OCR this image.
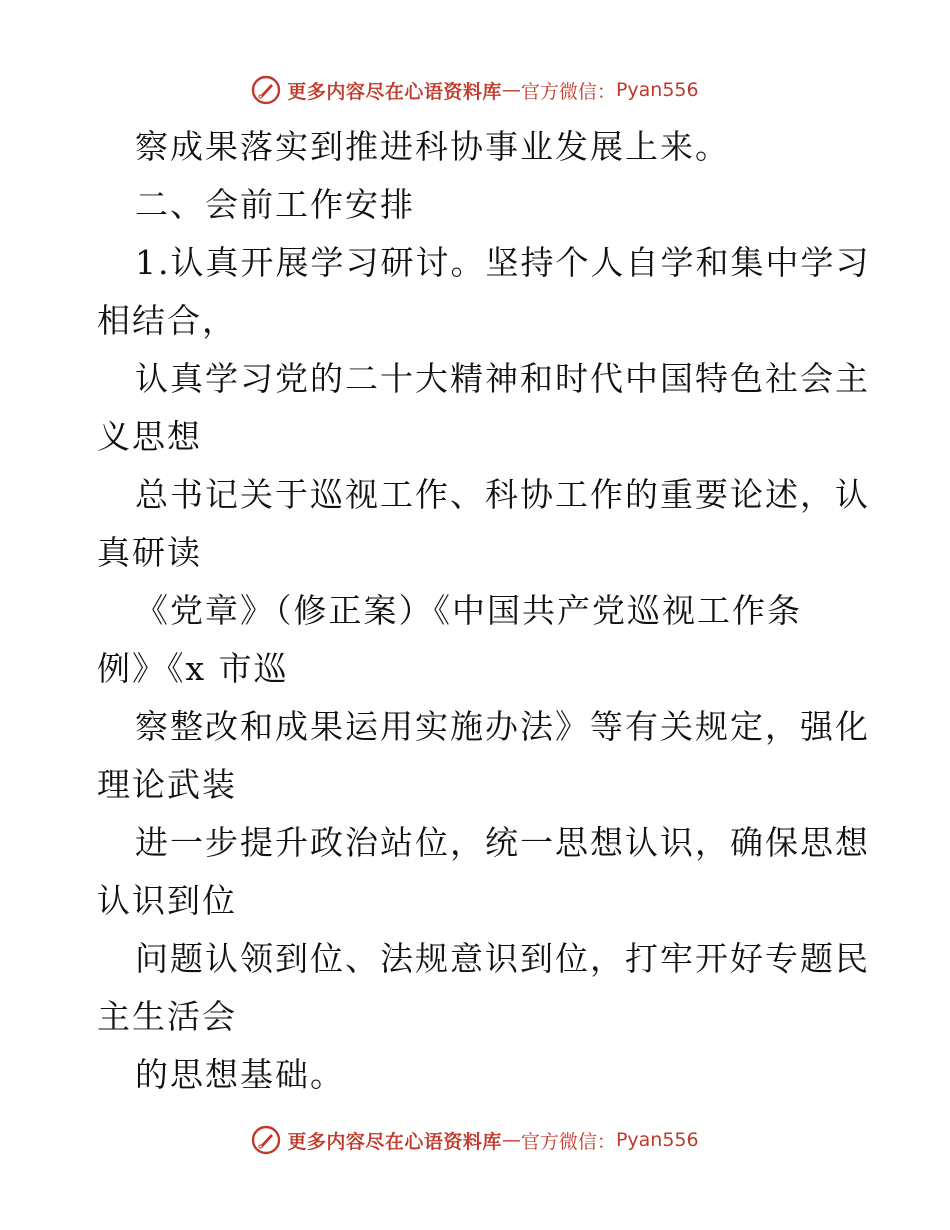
更多内容尽在心语资料库 — 官方微信： Pyan556
察成果落实到推进科协事业发展上来。
二、会前工作安排
1.认真开展学习研讨。坚持个人自学和集中学习
相结合，
认真学习党的二十大精神和时代中国特色社会主
义思想
总书记关于巡视工作、科协工作的重要论述，认
真研读
《党章》（修正案）《中国共产党巡视工作条
例》《x 市巡
察整改和成果运用实施办法》等有关规定，强化
理论武装
进一步提升政治站位，统一思想认识，确保思想
认识到位
问题认领到位、法规意识到位，打牢开好专题民
主生活会
的思想基础。
更多内容尽在心语资料库 — 官方微信： Pyan556
